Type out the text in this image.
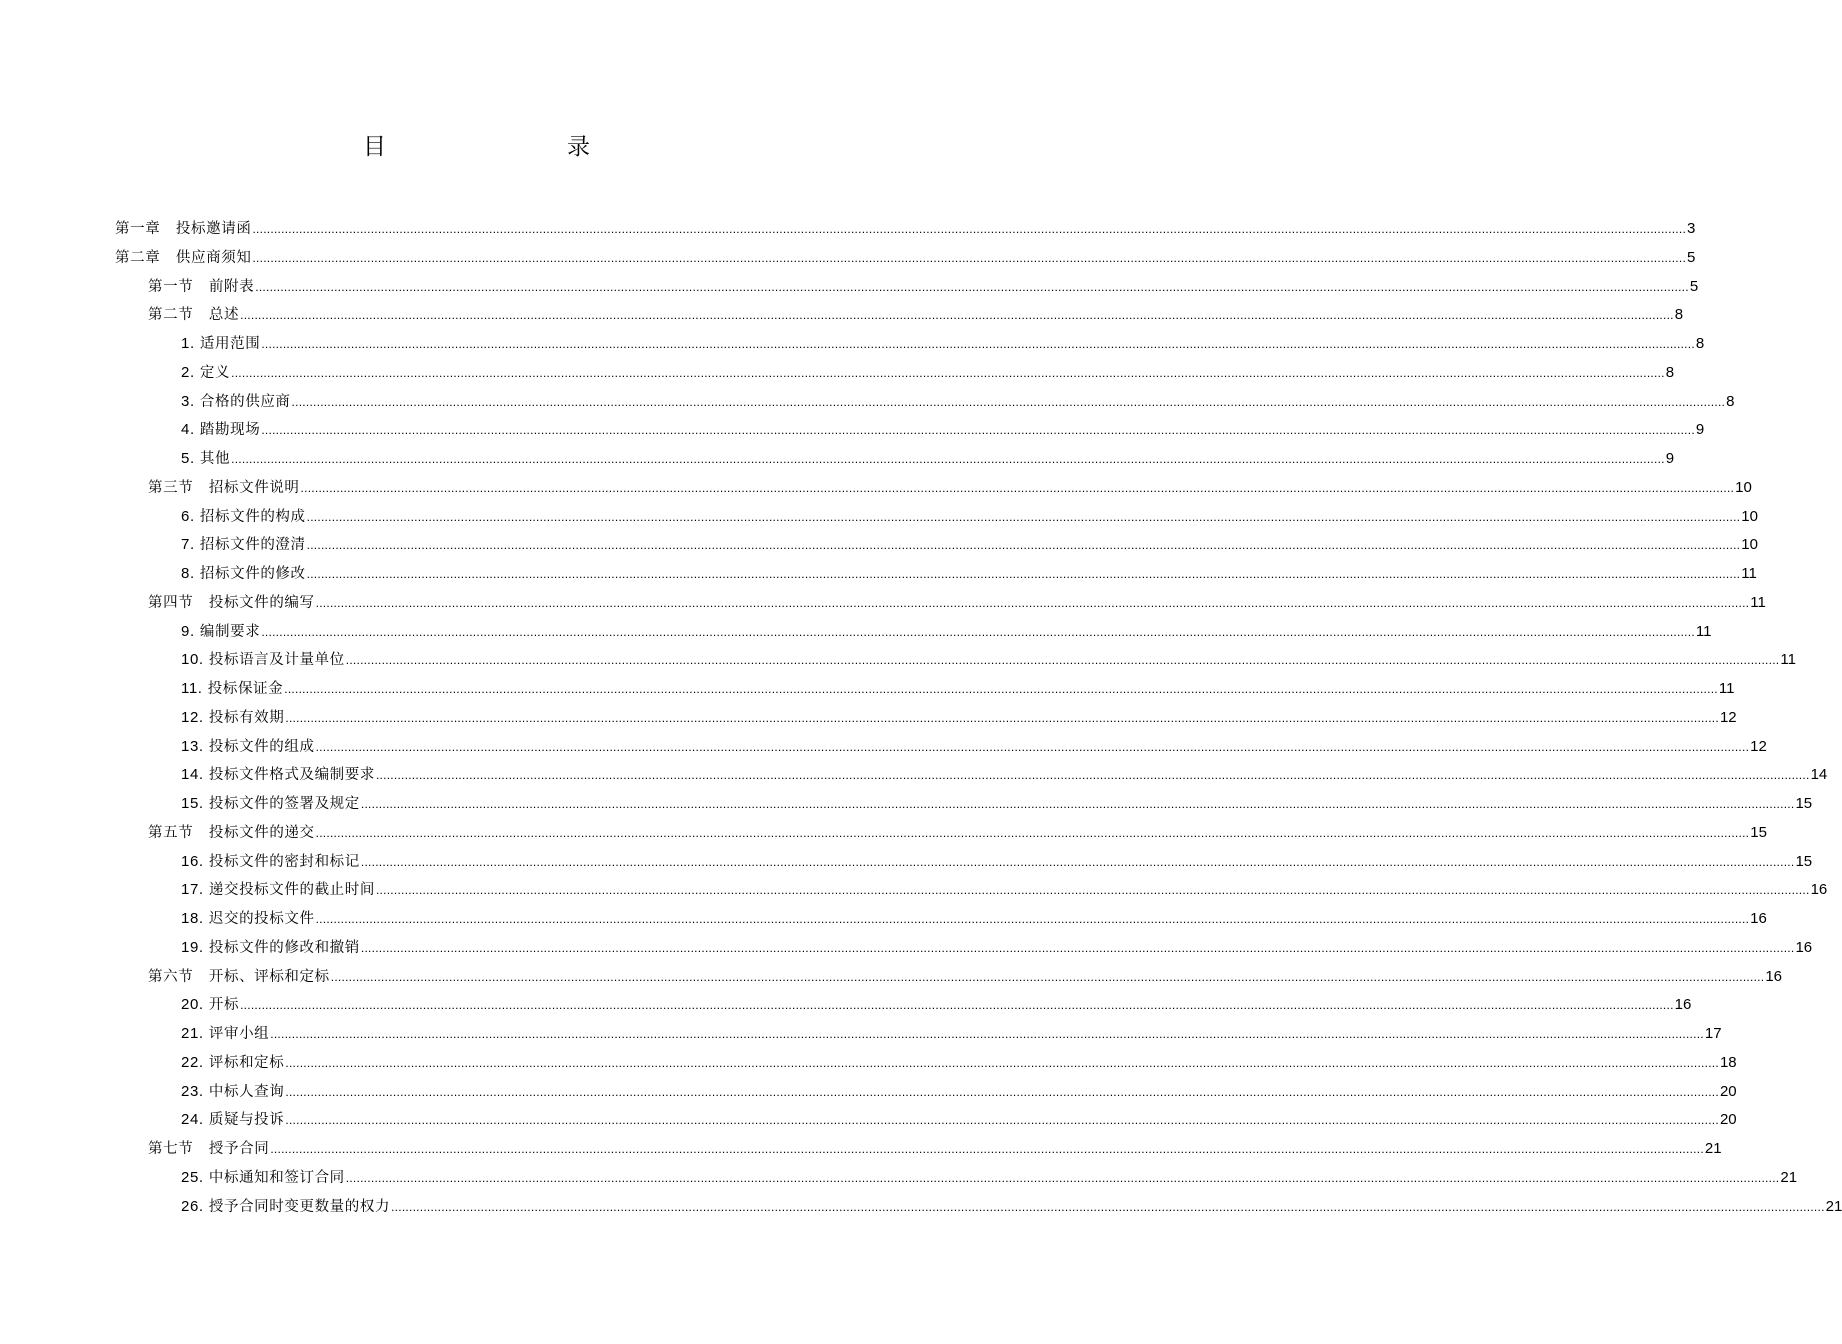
目	录
第一章   投标邀请函 ................................................................................................................................................................................................................................................................................................................................................................................................................ 3
第二章   供应商须知 ................................................................................................................................................................................................................................................................................................................................................................................................................ 5
第一节   前附表 ................................................................................................................................................................................................................................................................................................................................................................................................................ 5
第二节   总述 ................................................................................................................................................................................................................................................................................................................................................................................................................ 8
1. 适用范围 ................................................................................................................................................................................................................................................................................................................................................................................................................ 8
2. 定义 ................................................................................................................................................................................................................................................................................................................................................................................................................ 8
3. 合格的供应商 ................................................................................................................................................................................................................................................................................................................................................................................................................ 8
4. 踏勘现场 ................................................................................................................................................................................................................................................................................................................................................................................................................ 9
5. 其他 ................................................................................................................................................................................................................................................................................................................................................................................................................ 9
第三节   招标文件说明 ................................................................................................................................................................................................................................................................................................................................................................................................................ 10
6. 招标文件的构成 ................................................................................................................................................................................................................................................................................................................................................................................................................ 10
7. 招标文件的澄清 ................................................................................................................................................................................................................................................................................................................................................................................................................ 10
8. 招标文件的修改 ................................................................................................................................................................................................................................................................................................................................................................................................................ 11
第四节   投标文件的编写 ................................................................................................................................................................................................................................................................................................................................................................................................................ 11
9. 编制要求 ................................................................................................................................................................................................................................................................................................................................................................................................................ 11
10. 投标语言及计量单位 ................................................................................................................................................................................................................................................................................................................................................................................................................ 11
11. 投标保证金 ................................................................................................................................................................................................................................................................................................................................................................................................................ 11
12. 投标有效期 ................................................................................................................................................................................................................................................................................................................................................................................................................ 12
13. 投标文件的组成 ................................................................................................................................................................................................................................................................................................................................................................................................................ 12
14. 投标文件格式及编制要求 ................................................................................................................................................................................................................................................................................................................................................................................................................ 14
15. 投标文件的签署及规定 ................................................................................................................................................................................................................................................................................................................................................................................................................ 15
第五节   投标文件的递交 ................................................................................................................................................................................................................................................................................................................................................................................................................ 15
16. 投标文件的密封和标记 ................................................................................................................................................................................................................................................................................................................................................................................................................ 15
17. 递交投标文件的截止时间 ................................................................................................................................................................................................................................................................................................................................................................................................................ 16
18. 迟交的投标文件 ................................................................................................................................................................................................................................................................................................................................................................................................................ 16
19. 投标文件的修改和撤销 ................................................................................................................................................................................................................................................................................................................................................................................................................ 16
第六节   开标、评标和定标 ................................................................................................................................................................................................................................................................................................................................................................................................................ 16
20. 开标 ................................................................................................................................................................................................................................................................................................................................................................................................................ 16
21. 评审小组 ................................................................................................................................................................................................................................................................................................................................................................................................................ 17
22. 评标和定标 ................................................................................................................................................................................................................................................................................................................................................................................................................ 18
23. 中标人查询 ................................................................................................................................................................................................................................................................................................................................................................................................................ 20
24. 质疑与投诉 ................................................................................................................................................................................................................................................................................................................................................................................................................ 20
第七节   授予合同 ................................................................................................................................................................................................................................................................................................................................................................................................................ 21
25. 中标通知和签订合同 ................................................................................................................................................................................................................................................................................................................................................................................................................ 21
26. 授予合同时变更数量的权力 ................................................................................................................................................................................................................................................................................................................................................................................................................ 21
